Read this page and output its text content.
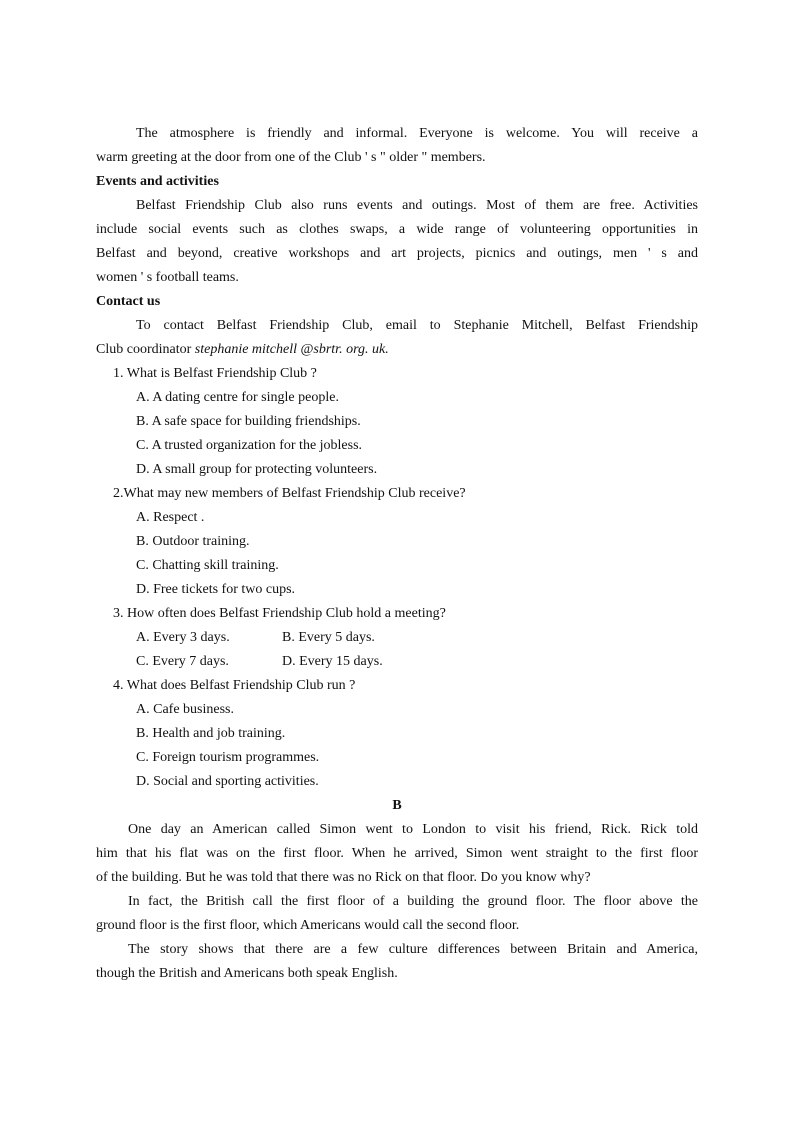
The atmosphere is friendly and informal. Everyone is welcome. You will receive a
warm greeting at the door from one of the Club ' s " older " members.
Events and activities
Belfast Friendship Club also runs events and outings. Most of them are free. Activities
include social events such as clothes swaps, a wide range of volunteering opportunities in
Belfast and beyond, creative workshops and art projects, picnics and outings, men ' s and
women ' s football teams.
Contact us
To contact Belfast Friendship Club, email to Stephanie Mitchell, Belfast Friendship
Club coordinator stephanie mitchell @sbrtr. org. uk.
1. What is Belfast Friendship Club ?
A. A dating centre for single people.
B. A safe space for building friendships.
C. A trusted organization for the jobless.
D. A small group for protecting volunteers.
2.What may new members of Belfast Friendship Club receive?
A. Respect .
B. Outdoor training.
C. Chatting skill training.
D. Free tickets for two cups.
3. How often does Belfast Friendship Club hold a meeting?
A. Every 3 days.	B. Every 5 days.
C. Every 7 days.	D. Every 15 days.
4. What does Belfast Friendship Club run ?
A. Cafe business.
B. Health and job training.
C. Foreign tourism programmes.
D. Social and sporting activities.
B
One day an American called Simon went to London to visit his friend, Rick. Rick told
him that his flat was on the first floor. When he arrived, Simon went straight to the first floor
of the building. But he was told that there was no Rick on that floor. Do you know why?
In fact, the British call the first floor of a building the ground floor. The floor above the
ground floor is the first floor, which Americans would call the second floor.
The story shows that there are a few culture differences between Britain and America,
though the British and Americans both speak English.
